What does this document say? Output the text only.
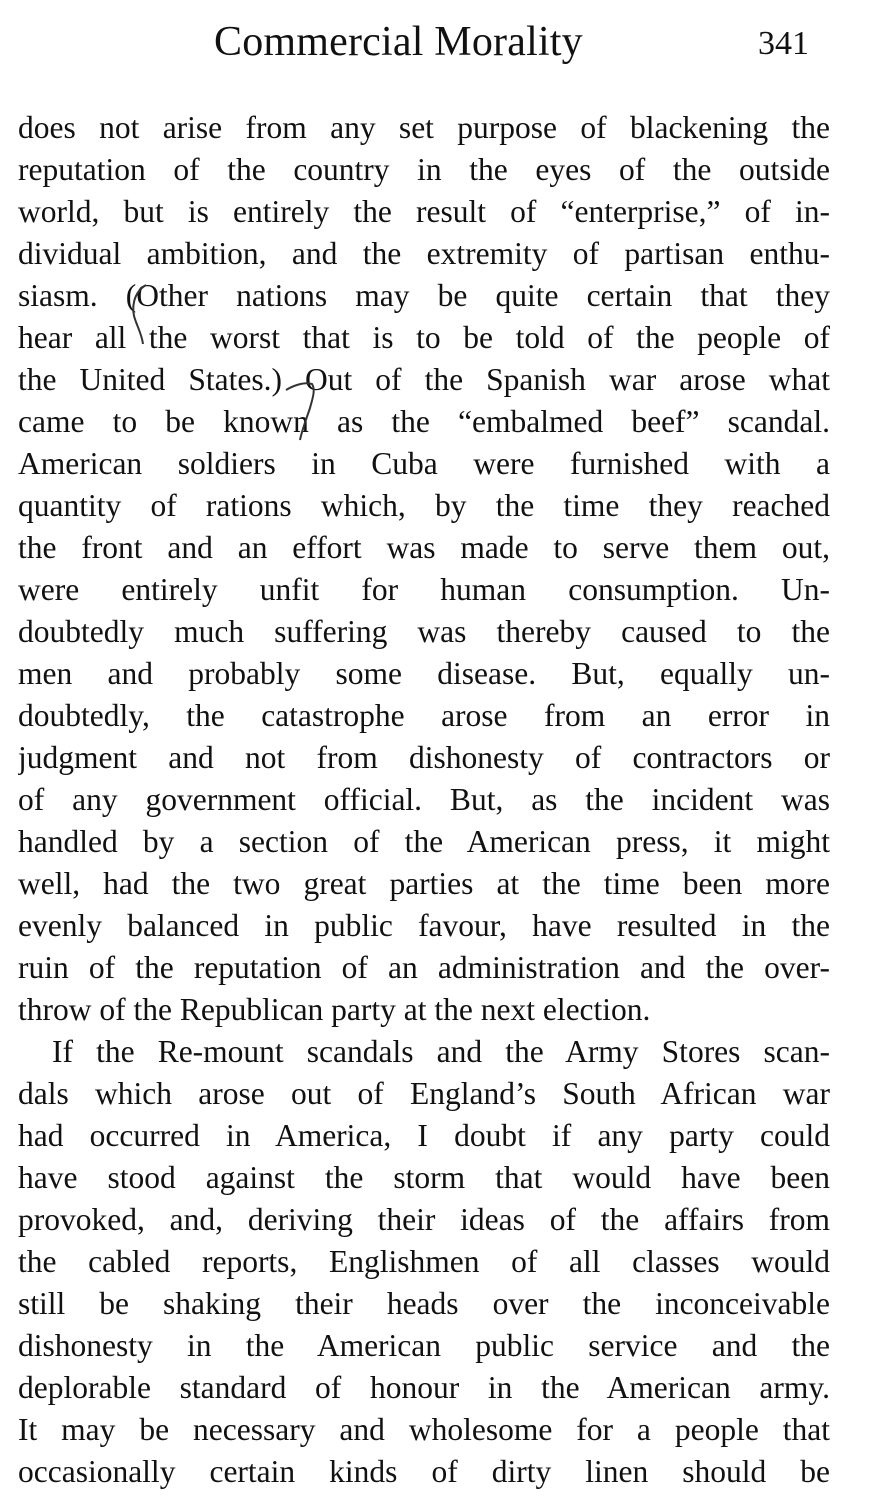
Commercial Morality	341
does not arise from any set purpose of blackening the
reputation of the country in the eyes of the outside
world, but is entirely the result of “enterprise,” of in-
dividual ambition, and the extremity of partisan enthu-
siasm. (Other nations may be quite certain that they
hear all the worst that is to be told of the people of
the United States.) Out of the Spanish war arose what
came to be known as the “embalmed beef” scandal.
American soldiers in Cuba were furnished with a
quantity of rations which, by the time they reached
the front and an effort was made to serve them out,
were entirely unfit for human consumption. Un-
doubtedly much suffering was thereby caused to the
men and probably some disease. But, equally un-
doubtedly, the catastrophe arose from an error in
judgment and not from dishonesty of contractors or
of any government official. But, as the incident was
handled by a section of the American press, it might
well, had the two great parties at the time been more
evenly balanced in public favour, have resulted in the
ruin of the reputation of an administration and the over-
throw of the Republican party at the next election.
If the Re-mount scandals and the Army Stores scan-
dals which arose out of England’s South African war
had occurred in America, I doubt if any party could
have stood against the storm that would have been
provoked, and, deriving their ideas of the affairs from
the cabled reports, Englishmen of all classes would
still be shaking their heads over the inconceivable
dishonesty in the American public service and the
deplorable standard of honour in the American army.
It may be necessary and wholesome for a people that
occasionally certain kinds of dirty linen should be
